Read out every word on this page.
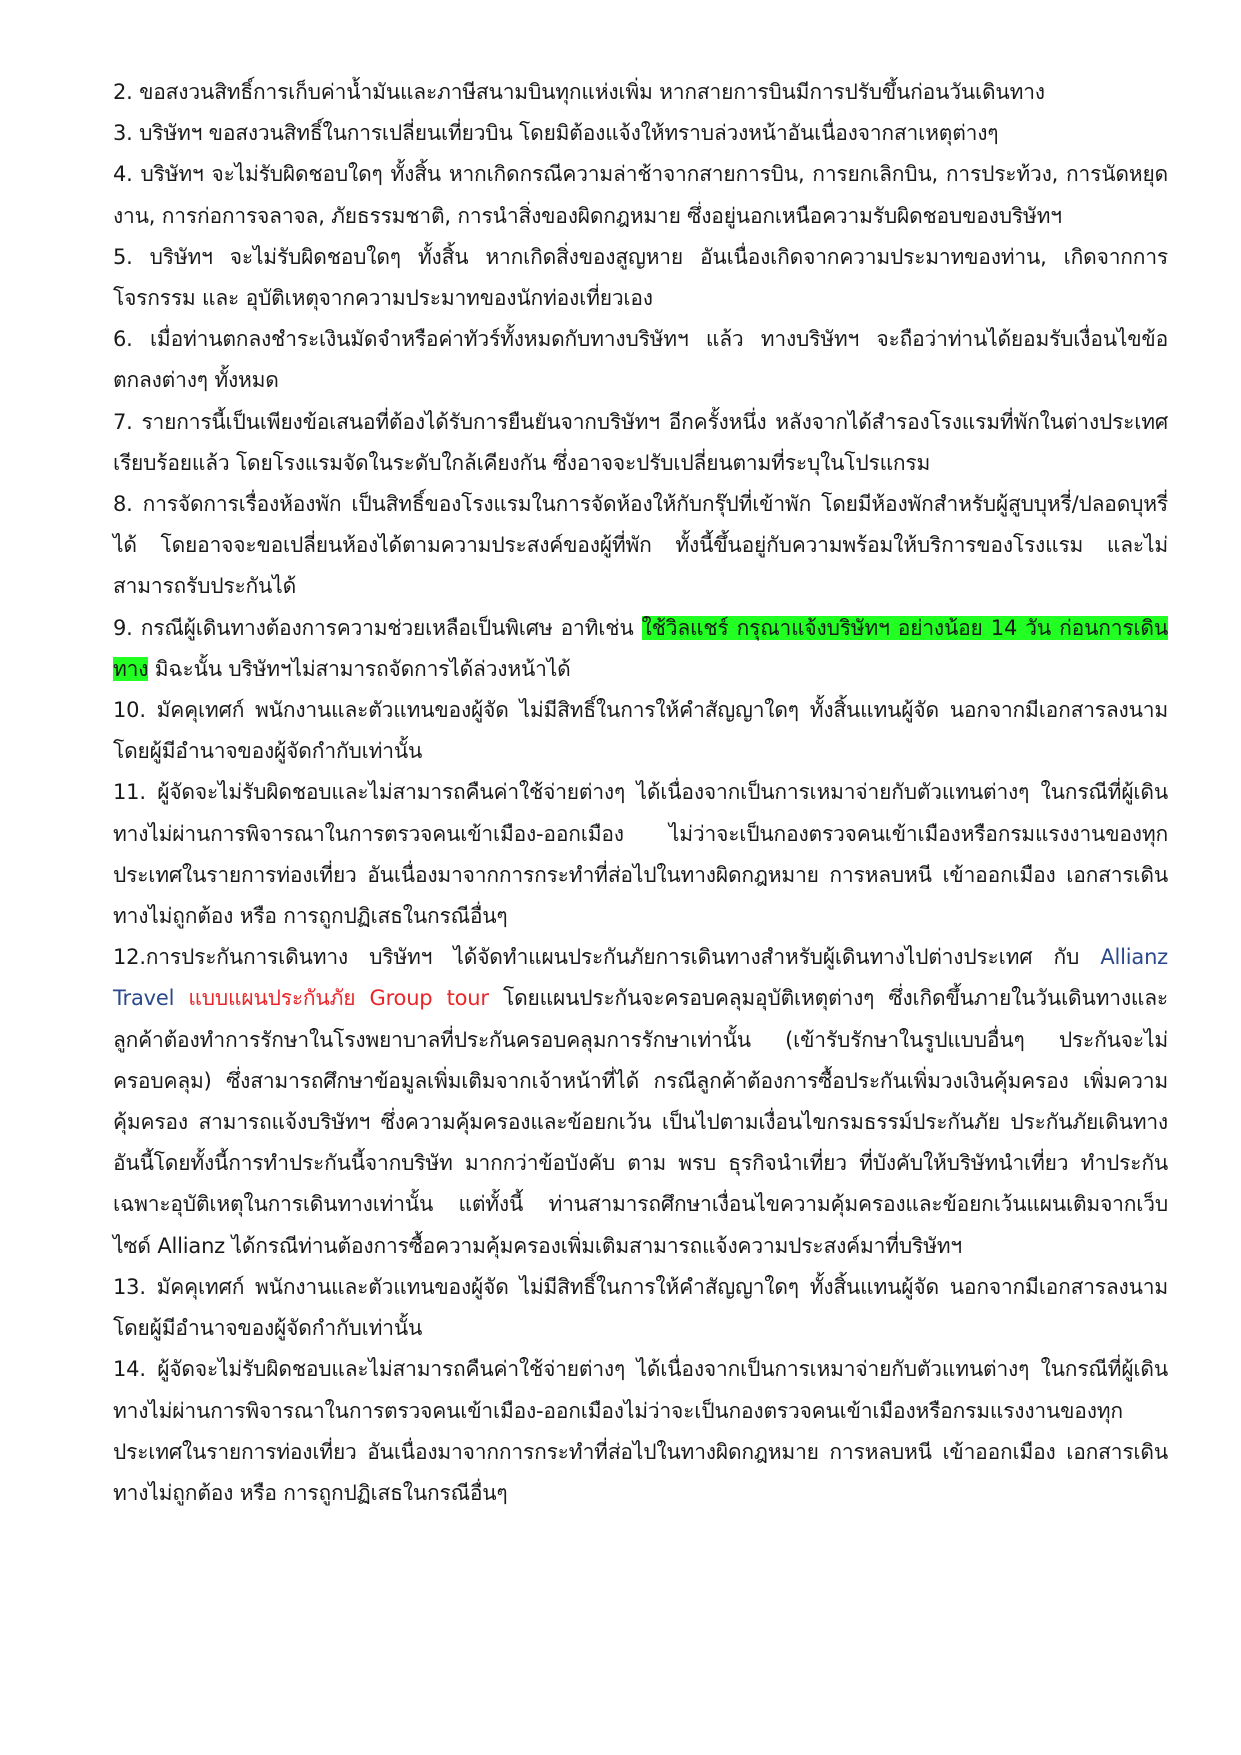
2. ขอสงวนสิทธิ์การเก็บค่าน้ำมันและภาษีสนามบินทุกแห่งเพิ่ม หากสายการบินมีการปรับขึ้นก่อนวันเดินทาง

3. บริษัทฯ ขอสงวนสิทธิ์ในการเปลี่ยนเที่ยวบิน โดยมิต้องแจ้งให้ทราบล่วงหน้าอันเนื่องจากสาเหตุต่างๆ

4. บริษัทฯ จะไม่รับผิดชอบใดๆ ทั้งสิ้น หากเกิดกรณีความล่าช้าจากสายการบิน, การยกเลิกบิน, การประท้วง, การนัดหยุดงาน, การก่อการจลาจล, ภัยธรรมชาติ, การนำสิ่งของผิดกฎหมาย ซึ่งอยู่นอกเหนือความรับผิดชอบของบริษัทฯ

5. บริษัทฯ จะไม่รับผิดชอบใดๆ ทั้งสิ้น หากเกิดสิ่งของสูญหาย อันเนื่องเกิดจากความประมาทของท่าน, เกิดจากการโจรกรรม และ อุบัติเหตุจากความประมาทของนักท่องเที่ยวเอง

6. เมื่อท่านตกลงชำระเงินมัดจำหรือค่าทัวร์ทั้งหมดกับทางบริษัทฯ แล้ว ทางบริษัทฯ จะถือว่าท่านได้ยอมรับเงื่อนไขข้อตกลงต่างๆ ทั้งหมด

7. รายการนี้เป็นเพียงข้อเสนอที่ต้องได้รับการยืนยันจากบริษัทฯ อีกครั้งหนึ่ง หลังจากได้สำรองโรงแรมที่พักในต่างประเทศเรียบร้อยแล้ว โดยโรงแรมจัดในระดับใกล้เคียงกัน ซึ่งอาจจะปรับเปลี่ยนตามที่ระบุในโปรแกรม

8. การจัดการเรื่องห้องพัก เป็นสิทธิ์ของโรงแรมในการจัดห้องให้กับกรุ๊ปที่เข้าพัก โดยมีห้องพักสำหรับผู้สูบบุหรี่/ปลอดบุหรี่ได้ โดยอาจจะขอเปลี่ยนห้องได้ตามความประสงค์ของผู้ที่พัก ทั้งนี้ขึ้นอยู่กับความพร้อมให้บริการของโรงแรม และไม่สามารถรับประกันได้

9. กรณีผู้เดินทางต้องการความช่วยเหลือเป็นพิเศษ อาทิเช่น ใช้วิลแชร์ กรุณาแจ้งบริษัทฯ อย่างน้อย 14 วัน ก่อนการเดินทาง มิฉะนั้น บริษัทฯไม่สามารถจัดการได้ล่วงหน้าได้

10. มัคคุเทศก์ พนักงานและตัวแทนของผู้จัด ไม่มีสิทธิ์ในการให้คำสัญญาใดๆ ทั้งสิ้นแทนผู้จัด นอกจากมีเอกสารลงนามโดยผู้มีอำนาจของผู้จัดกำกับเท่านั้น

11. ผู้จัดจะไม่รับผิดชอบและไม่สามารถคืนค่าใช้จ่ายต่างๆ ได้เนื่องจากเป็นการเหมาจ่ายกับตัวแทนต่างๆ ในกรณีที่ผู้เดินทางไม่ผ่านการพิจารณาในการตรวจคนเข้าเมือง-ออกเมือง ไม่ว่าจะเป็นกองตรวจคนเข้าเมืองหรือกรมแรงงานของทุกประเทศในรายการท่องเที่ยว อันเนื่องมาจากการกระทำที่ส่อไปในทางผิดกฎหมาย การหลบหนี เข้าออกเมือง เอกสารเดินทางไม่ถูกต้อง หรือ การถูกปฏิเสธในกรณีอื่นๆ

12.การประกันการเดินทาง บริษัทฯ ได้จัดทำแผนประกันภัยการเดินทางสำหรับผู้เดินทางไปต่างประเทศ กับ Allianz Travel แบบแผนประกันภัย Group tour โดยแผนประกันจะครอบคลุมอุบัติเหตุต่างๆ ซึ่งเกิดขึ้นภายในวันเดินทางและลูกค้าต้องทำการรักษาในโรงพยาบาลที่ประกันครอบคลุมการรักษาเท่านั้น (เข้ารับรักษาในรูปแบบอื่นๆ ประกันจะไม่ครอบคลุม) ซึ่งสามารถศึกษาข้อมูลเพิ่มเติมจากเจ้าหน้าที่ได้ กรณีลูกค้าต้องการซื้อประกันเพิ่มวงเงินคุ้มครอง เพิ่มความคุ้มครอง สามารถแจ้งบริษัทฯ ซึ่งความคุ้มครองและข้อยกเว้น เป็นไปตามเงื่อนไขกรมธรรม์ประกันภัย ประกันภัยเดินทางอันนี้โดยทั้งนี้การทำประกันนี้จากบริษัท มากกว่าข้อบังคับ ตาม พรบ ธุรกิจนำเที่ยว ที่บังคับให้บริษัทนำเที่ยว ทำประกันเฉพาะอุบัติเหตุในการเดินทางเท่านั้น แต่ทั้งนี้ ท่านสามารถศึกษาเงื่อนไขความคุ้มครองและข้อยกเว้นแผนเติมจากเว็บไซด์ Allianz ได้กรณีท่านต้องการซื้อความคุ้มครองเพิ่มเติมสามารถแจ้งความประสงค์มาที่บริษัทฯ

13. มัคคุเทศก์ พนักงานและตัวแทนของผู้จัด ไม่มีสิทธิ์ในการให้คำสัญญาใดๆ ทั้งสิ้นแทนผู้จัด นอกจากมีเอกสารลงนามโดยผู้มีอำนาจของผู้จัดกำกับเท่านั้น

14. ผู้จัดจะไม่รับผิดชอบและไม่สามารถคืนค่าใช้จ่ายต่างๆ ได้เนื่องจากเป็นการเหมาจ่ายกับตัวแทนต่างๆ ในกรณีที่ผู้เดินทางไม่ผ่านการพิจารณาในการตรวจคนเข้าเมือง-ออกเมืองไม่ว่าจะเป็นกองตรวจคนเข้าเมืองหรือกรมแรงงานของทุกประเทศในรายการท่องเที่ยว อันเนื่องมาจากการกระทำที่ส่อไปในทางผิดกฎหมาย การหลบหนี เข้าออกเมือง เอกสารเดินทางไม่ถูกต้อง หรือ การถูกปฏิเสธในกรณีอื่นๆ
